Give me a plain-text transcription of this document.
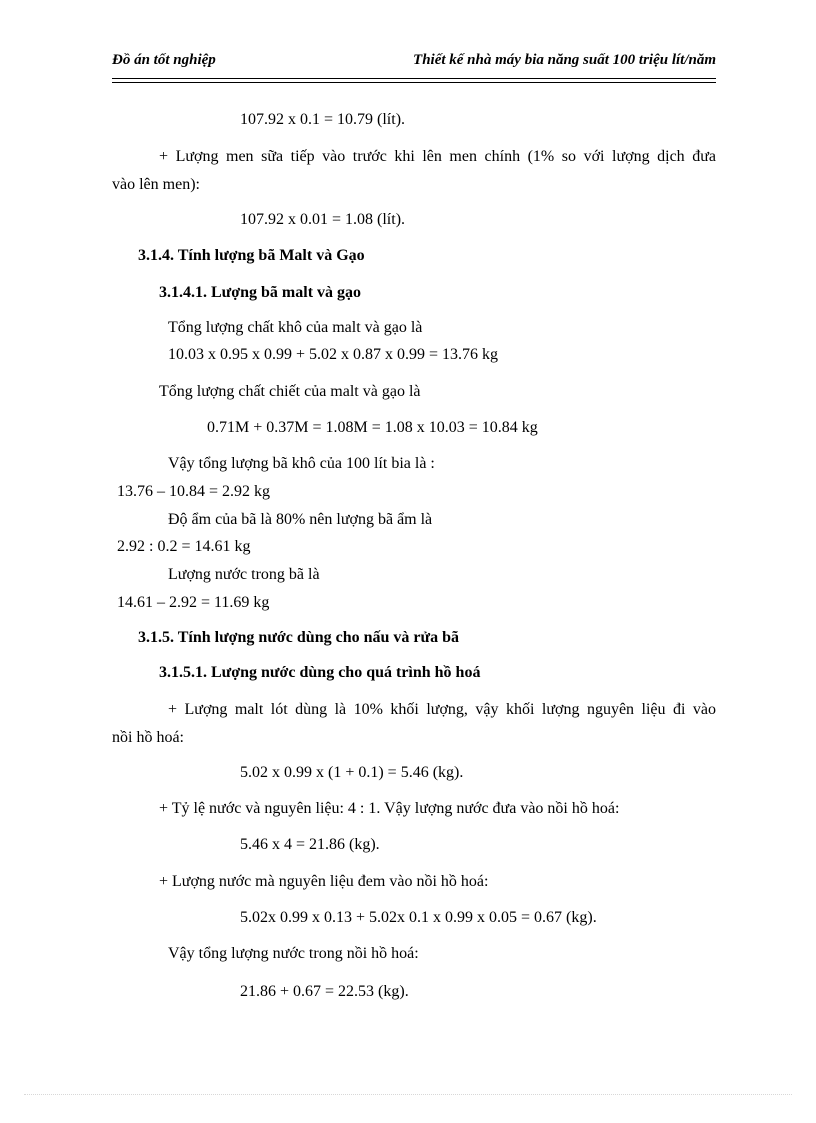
Đồ án tốt nghiệp	Thiết kế nhà máy bia năng suất 100 triệu lít/năm
107.92 x 0.1 = 10.79 (lít).
+ Lượng men sữa tiếp vào trước khi lên men chính (1% so với lượng dịch đưa
vào lên men):
107.92 x 0.01 = 1.08 (lít).
3.1.4. Tính lượng bã Malt và Gạo
3.1.4.1. Lượng bã malt và gạo
Tổng lượng chất khô của malt và gạo là
10.03 x 0.95 x 0.99 + 5.02 x 0.87 x 0.99 = 13.76 kg
Tổng lượng chất chiết của malt và gạo là
0.71M + 0.37M = 1.08M = 1.08 x 10.03 = 10.84 kg
Vậy tổng lượng bã khô của 100 lít bia là :
13.76 – 10.84 = 2.92 kg
Độ ẩm của bã là 80% nên lượng bã ẩm là
2.92 : 0.2 = 14.61 kg
Lượng nước trong bã là
14.61 – 2.92 = 11.69 kg
3.1.5. Tính lượng nước dùng cho nấu và rửa bã
3.1.5.1. Lượng nước dùng cho quá trình hồ hoá
+ Lượng malt lót dùng là 10% khối lượng, vậy khối lượng nguyên liệu đi vào
nồi hồ hoá:
5.02 x 0.99 x (1 + 0.1) = 5.46 (kg).
+ Tỷ lệ nước và nguyên liệu: 4 : 1. Vậy lượng nước đưa vào nồi hồ hoá:
5.46 x 4 = 21.86 (kg).
+ Lượng nước mà nguyên liệu đem vào nồi hồ hoá:
5.02x 0.99 x 0.13 + 5.02x 0.1 x 0.99 x 0.05 = 0.67 (kg).
Vậy tổng lượng nước trong nồi hồ hoá:
21.86 + 0.67 = 22.53 (kg).
